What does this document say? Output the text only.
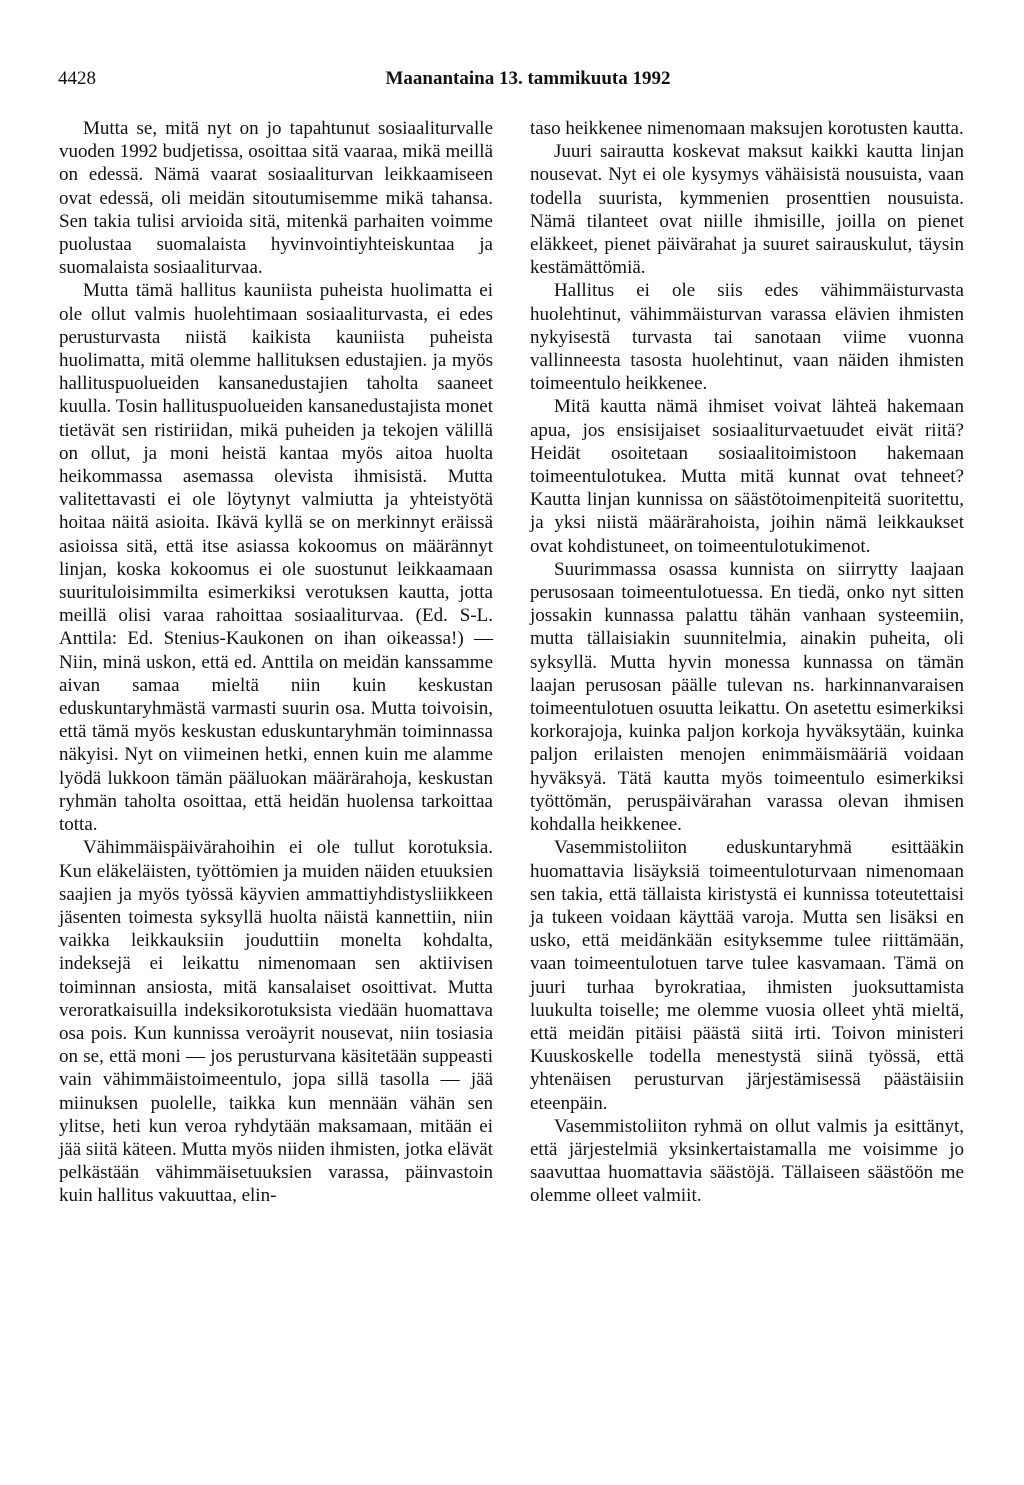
4428	Maanantaina 13. tammikuuta 1992

Mutta se, mitä nyt on jo tapahtunut sosiaaliturvalle vuoden 1992 budjetissa, osoittaa sitä vaaraa, mikä meillä on edessä. Nämä vaarat sosiaaliturvan leikkaamiseen ovat edessä, oli meidän sitoutumisemme mikä tahansa. Sen takia tulisi arvioida sitä, mitenkä parhaiten voimme puolustaa suomalaista hyvinvointiyhteiskuntaa ja suomalaista sosiaaliturvaa.

Mutta tämä hallitus kauniista puheista huolimatta ei ole ollut valmis huolehtimaan sosiaaliturvasta, ei edes perusturvasta niistä kaikista kauniista puheista huolimatta, mitä olemme hallituksen edustajien. ja myös hallituspuolueiden kansanedustajien taholta saaneet kuulla. Tosin hallituspuolueiden kansanedustajista monet tietävät sen ristiriidan, mikä puheiden ja tekojen välillä on ollut, ja moni heistä kantaa myös aitoa huolta heikommassa asemassa olevista ihmisistä. Mutta valitettavasti ei ole löytynyt valmiutta ja yhteistyötä hoitaa näitä asioita. Ikävä kyllä se on merkinnyt eräissä asioissa sitä, että itse asiassa kokoomus on määrännyt linjan, koska kokoomus ei ole suostunut leikkaamaan suurituloisimmilta esimerkiksi verotuksen kautta, jotta meillä olisi varaa rahoittaa sosiaaliturvaa. (Ed. S-L. Anttila: Ed. Stenius-Kaukonen on ihan oikeassa!) — Niin, minä uskon, että ed. Anttila on meidän kanssamme aivan samaa mieltä niin kuin keskustan eduskuntaryhmästä varmasti suurin osa. Mutta toivoisin, että tämä myös keskustan eduskuntaryhmän toiminnassa näkyisi. Nyt on viimeinen hetki, ennen kuin me alamme lyödä lukkoon tämän pääluokan määrärahoja, keskustan ryhmän taholta osoittaa, että heidän huolensa tarkoittaa totta.

Vähimmäispäivärahoihin ei ole tullut korotuksia. Kun eläkeläisten, työttömien ja muiden näiden etuuksien saajien ja myös työssä käyvien ammattiyhdistysliikkeen jäsenten toimesta syksyllä huolta näistä kannettiin, niin vaikka leikkauksiin jouduttiin monelta kohdalta, indeksejä ei leikattu nimenomaan sen aktiivisen toiminnan ansiosta, mitä kansalaiset osoittivat. Mutta veroratkaisuilla indeksikorotuksista viedään huomattava osa pois. Kun kunnissa veroäyrit nousevat, niin tosiasia on se, että moni — jos perusturvana käsitetään suppeasti vain vähimmäistoimeentulo, jopa sillä tasolla — jää miinuksen puolelle, taikka kun mennään vähän sen ylitse, heti kun veroa ryhdytään maksamaan, mitään ei jää siitä käteen. Mutta myös niiden ihmisten, jotka elävät pelkästään vähimmäisetuuksien varassa, päinvastoin kuin hallitus vakuuttaa, elin-

taso heikkenee nimenomaan maksujen korotusten kautta.

Juuri sairautta koskevat maksut kaikki kautta linjan nousevat. Nyt ei ole kysymys vähäisistä nousuista, vaan todella suurista, kymmenien prosenttien nousuista. Nämä tilanteet ovat niille ihmisille, joilla on pienet eläkkeet, pienet päivärahat ja suuret sairauskulut, täysin kestämättömiä.

Hallitus ei ole siis edes vähimmäisturvasta huolehtinut, vähimmäisturvan varassa elävien ihmisten nykyisestä turvasta tai sanotaan viime vuonna vallinneesta tasosta huolehtinut, vaan näiden ihmisten toimeentulo heikkenee.

Mitä kautta nämä ihmiset voivat lähteä hakemaan apua, jos ensisijaiset sosiaaliturvaetuudet eivät riitä? Heidät osoitetaan sosiaalitoimistoon hakemaan toimeentulotukea. Mutta mitä kunnat ovat tehneet? Kautta linjan kunnissa on säästötoimenpiteitä suoritettu, ja yksi niistä määrärahoista, joihin nämä leikkaukset ovat kohdistuneet, on toimeentulotukimenot.

Suurimmassa osassa kunnista on siirrytty laajaan perusosaan toimeentulotuessa. En tiedä, onko nyt sitten jossakin kunnassa palattu tähän vanhaan systeemiin, mutta tällaisiakin suunnitelmia, ainakin puheita, oli syksyllä. Mutta hyvin monessa kunnassa on tämän laajan perusosan päälle tulevan ns. harkinnanvaraisen toimeentulotuen osuutta leikattu. On asetettu esimerkiksi korkorajoja, kuinka paljon korkoja hyväksytään, kuinka paljon erilaisten menojen enimmäismääriä voidaan hyväksyä. Tätä kautta myös toimeentulo esimerkiksi työttömän, peruspäivärahan varassa olevan ihmisen kohdalla heikkenee.

Vasemmistoliiton eduskuntaryhmä esittääkin huomattavia lisäyksiä toimeentuloturvaan nimenomaan sen takia, että tällaista kiristystä ei kunnissa toteutettaisi ja tukeen voidaan käyttää varoja. Mutta sen lisäksi en usko, että meidänkään esityksemme tulee riittämään, vaan toimeentulotuen tarve tulee kasvamaan. Tämä on juuri turhaa byrokratiaa, ihmisten juoksuttamista luukulta toiselle; me olemme vuosia olleet yhtä mieltä, että meidän pitäisi päästä siitä irti. Toivon ministeri Kuuskoskelle todella menestystä siinä työssä, että yhtenäisen perusturvan järjestämisessä päästäisiin eteenpäin.

Vasemmistoliiton ryhmä on ollut valmis ja esittänyt, että järjestelmiä yksinkertaistamalla me voisimme jo saavuttaa huomattavia säästöjä. Tällaiseen säästöön me olemme olleet valmiit.
